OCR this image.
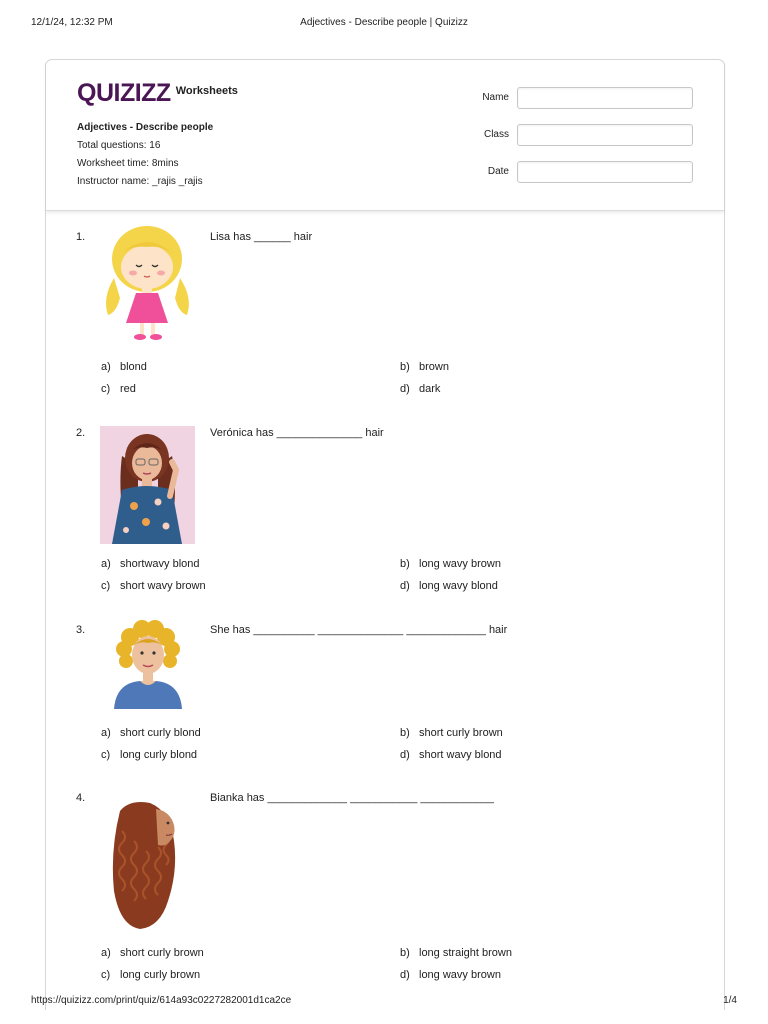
12/1/24, 12:32 PM	Adjectives - Describe people | Quizizz
QUIZIZZ Worksheets
Adjectives - Describe people
Total questions: 16
Worksheet time: 8mins
Instructor name: _rajis _rajis
Name
Class
Date
1.	Lisa has ______ hair
a) blond	b) brown
c) red	d) dark
2.	Verónica has ______________ hair
a) shortwavy blond	b) long wavy brown
c) short wavy brown	d) long wavy blond
3.	She has __________ ______________ _____________ hair
a) short curly blond	b) short curly brown
c) long curly blond	d) short wavy blond
4.	Bianka has _____________ ___________ ____________
a) short curly brown	b) long straight brown
c) long curly brown	d) long wavy brown
https://quizizz.com/print/quiz/614a93c0227282001d1ca2ce	1/4
